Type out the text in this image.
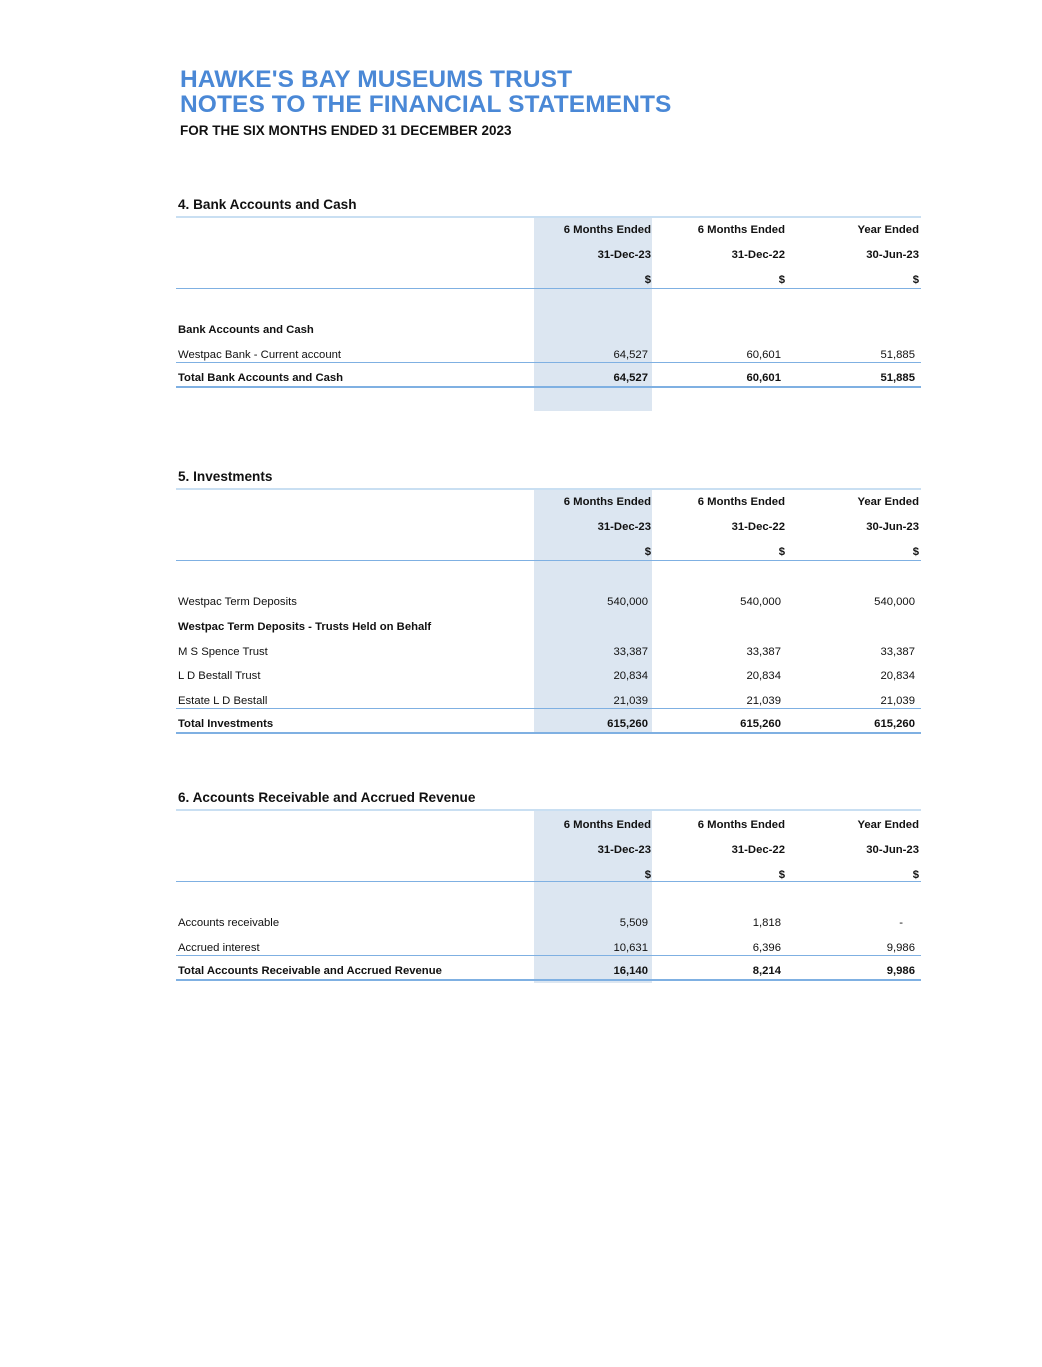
HAWKE'S BAY MUSEUMS TRUST
NOTES TO THE FINANCIAL STATEMENTS
FOR THE SIX MONTHS ENDED 31 DECEMBER 2023
4. Bank Accounts and Cash
6 Months Ended	6 Months Ended	Year Ended
31-Dec-23	31-Dec-22	30-Jun-23
$	$	$
Bank Accounts and Cash
Westpac Bank - Current account	64,527	60,601	51,885
Total Bank Accounts and Cash	64,527	60,601	51,885
5. Investments
6 Months Ended	6 Months Ended	Year Ended
31-Dec-23	31-Dec-22	30-Jun-23
$	$	$
Westpac Term Deposits	540,000	540,000	540,000
Westpac Term Deposits - Trusts Held on Behalf
M S Spence Trust	33,387	33,387	33,387
L D Bestall Trust	20,834	20,834	20,834
Estate L D Bestall	21,039	21,039	21,039
Total Investments	615,260	615,260	615,260
6. Accounts Receivable and Accrued Revenue
6 Months Ended	6 Months Ended	Year Ended
31-Dec-23	31-Dec-22	30-Jun-23
$	$	$
Accounts receivable	5,509	1,818	-
Accrued interest	10,631	6,396	9,986
Total Accounts Receivable and Accrued Revenue	16,140	8,214	9,986
